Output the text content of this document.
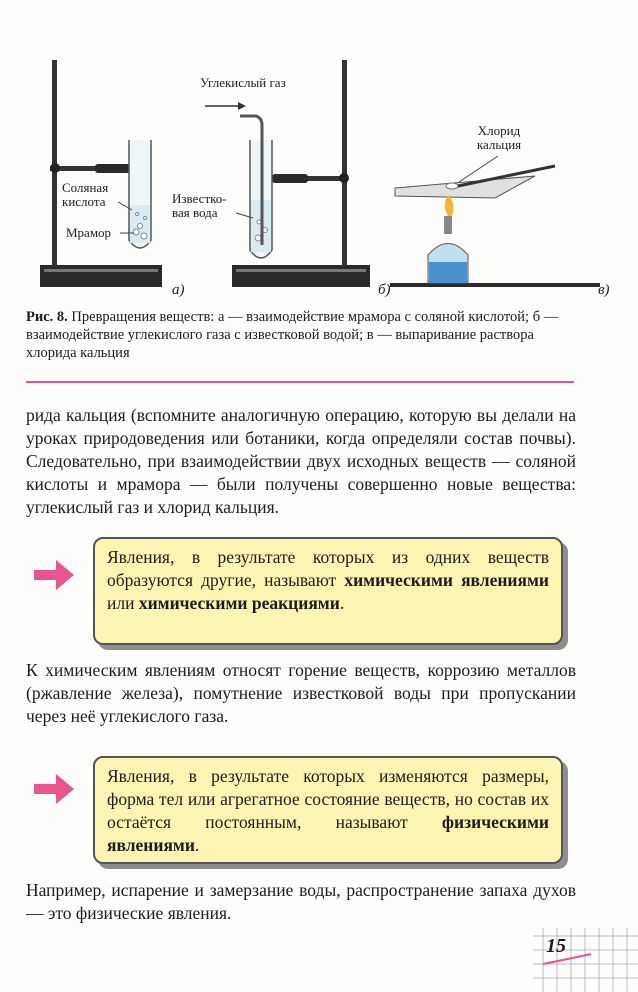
Соляная кислота
Мрамор
Углекислый газ
Известко-вая вода
Хлорид кальция
а)	б)	в)
Рис. 8. Превращения веществ: а — взаимодействие мрамора с соляной кислотой; б — взаимодействие углекислого газа с известковой водой; в — выпаривание раствора хлорида кальция
рида кальция (вспомните аналогичную операцию, которую вы делали на уроках природоведения или ботаники, когда определяли состав почвы). Следовательно, при взаимодействии двух исходных веществ — соляной кислоты и мрамора — были получены совершенно новые вещества: углекислый газ и хлорид кальция.
Явления, в результате которых из одних веществ образуются другие, называют химическими явлениями или химическими реакциями.
К химическим явлениям относят горение веществ, коррозию металлов (ржавление железа), помутнение известковой воды при пропускании через неё углекислого газа.
Явления, в результате которых изменяются размеры, форма тел или агрегатное состояние веществ, но состав их остаётся постоянным, называют физическими явлениями.
Например, испарение и замерзание воды, распространение запаха духов — это физические явления.
15
